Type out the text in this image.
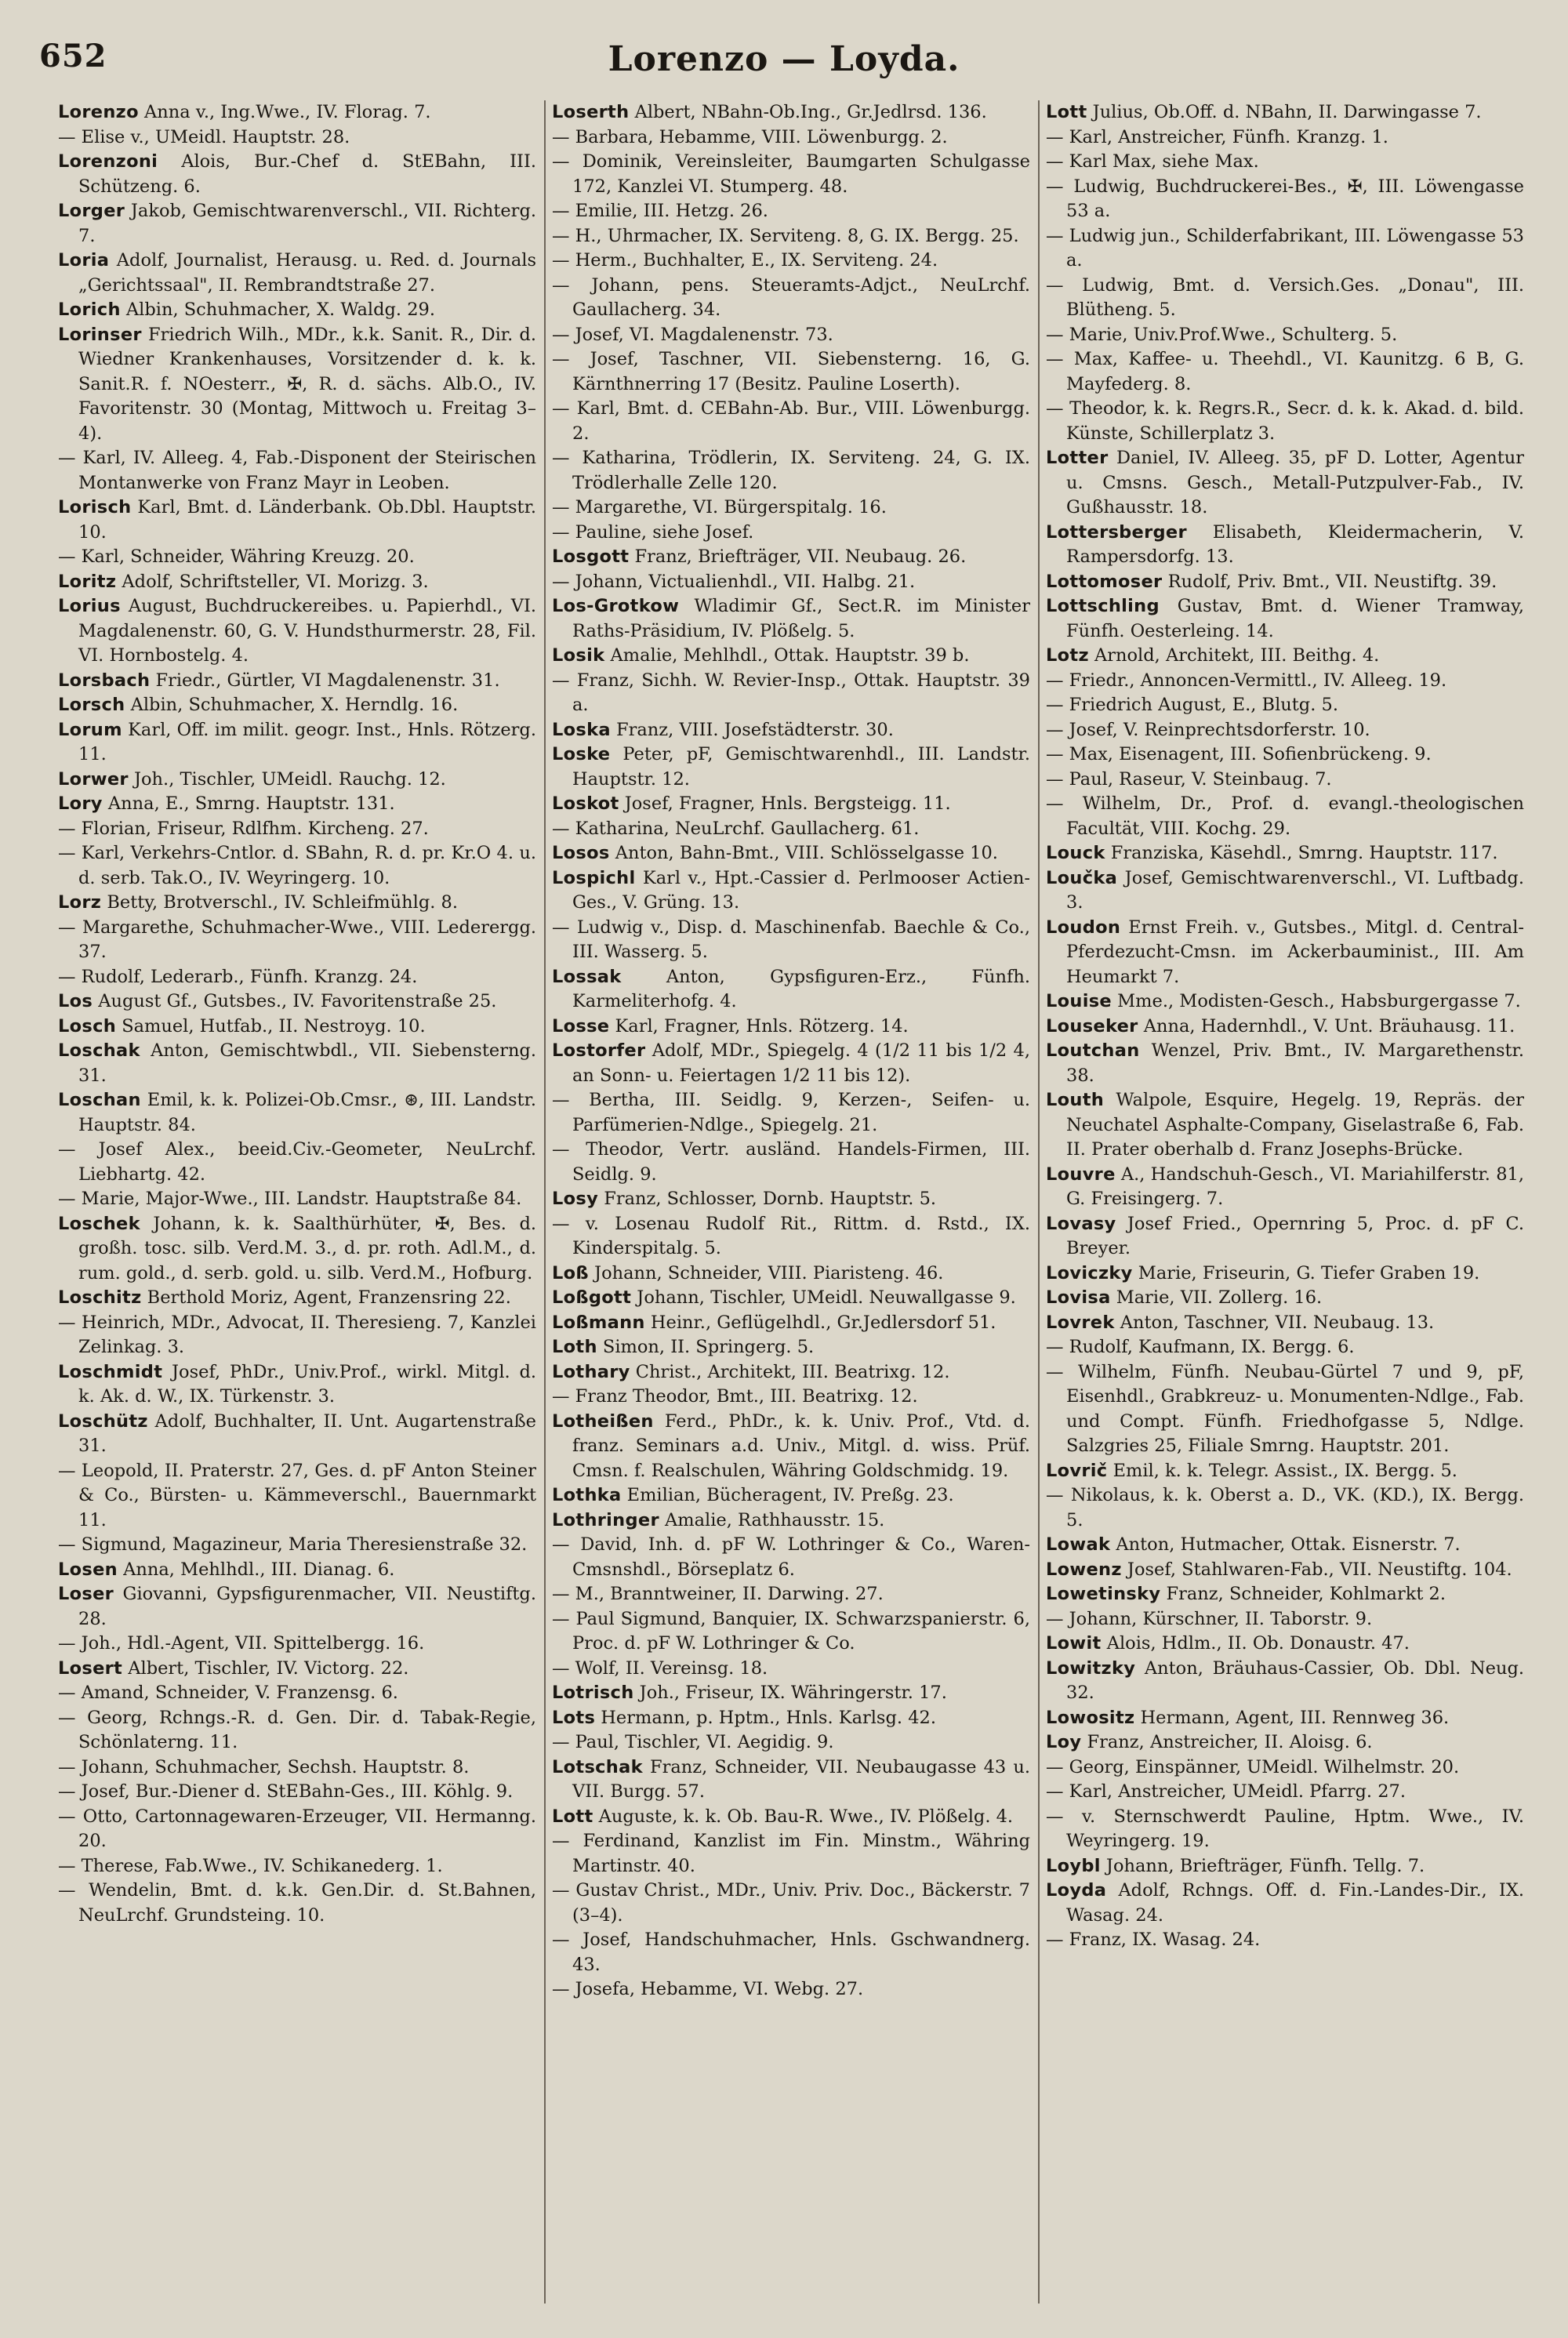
652	Lorenzo — Loyda.

Lorenzo Anna v., Ing.Wwe., IV. Florag. 7.

— Elise v., UMeidl. Hauptstr. 28.

Lorenzoni Alois, Bur.-Chef d. StEBahn, III. Schützeng. 6.

Lorger Jakob, Gemischtwarenverschl., VII. Richterg. 7.

Loria Adolf, Journalist, Herausg. u. Red. d. Journals „Gerichtssaal", II. Rembrandtstraße 27.

Lorich Albin, Schuhmacher, X. Waldg. 29.

Lorinser Friedrich Wilh., MDr., k.k. Sanit. R., Dir. d. Wiedner Krankenhauses, Vorsitzender d. k. k. Sanit.R. f. NOesterr., ✠, R. d. sächs. Alb.O., IV. Favoritenstr. 30 (Montag, Mittwoch u. Freitag 3–4).

— Karl, IV. Alleeg. 4, Fab.-Disponent der Steirischen Montanwerke von Franz Mayr in Leoben.

Lorisch Karl, Bmt. d. Länderbank. Ob.Dbl. Hauptstr. 10.

— Karl, Schneider, Währing Kreuzg. 20.

Loritz Adolf, Schriftsteller, VI. Morizg. 3.

Lorius August, Buchdruckereibes. u. Papierhdl., VI. Magdalenenstr. 60, G. V. Hundsthurmerstr. 28, Fil. VI. Hornbostelg. 4.

Lorsbach Friedr., Gürtler, VI Magdalenenstr. 31.

Lorsch Albin, Schuhmacher, X. Herndlg. 16.

Lorum Karl, Off. im milit. geogr. Inst., Hnls. Rötzerg. 11.

Lorwer Joh., Tischler, UMeidl. Rauchg. 12.

Lory Anna, E., Smrng. Hauptstr. 131.

— Florian, Friseur, Rdlfhm. Kircheng. 27.

— Karl, Verkehrs-Cntlor. d. SBahn, R. d. pr. Kr.O 4. u. d. serb. Tak.O., IV. Weyringerg. 10.

Lorz Betty, Brotverschl., IV. Schleifmühlg. 8.

— Margarethe, Schuhmacher-Wwe., VIII. Lederergg. 37.

— Rudolf, Lederarb., Fünfh. Kranzg. 24.

Los August Gf., Gutsbes., IV. Favoritenstraße 25.

Losch Samuel, Hutfab., II. Nestroyg. 10.

Loschak Anton, Gemischtwbdl., VII. Siebensterng. 31.

Loschan Emil, k. k. Polizei-Ob.Cmsr., ⊛, III. Landstr. Hauptstr. 84.

— Josef Alex., beeid.Civ.-Geometer, NeuLrchf. Liebhartg. 42.

— Marie, Major-Wwe., III. Landstr. Hauptstraße 84.

Loschek Johann, k. k. Saalthürhüter, ✠, Bes. d. großh. tosc. silb. Verd.M. 3., d. pr. roth. Adl.M., d. rum. gold., d. serb. gold. u. silb. Verd.M., Hofburg.

Loschitz Berthold Moriz, Agent, Franzensring 22.

— Heinrich, MDr., Advocat, II. Theresieng. 7, Kanzlei Zelinkag. 3.

Loschmidt Josef, PhDr., Univ.Prof., wirkl. Mitgl. d. k. Ak. d. W., IX. Türkenstr. 3.

Loschütz Adolf, Buchhalter, II. Unt. Augartenstraße 31.

— Leopold, II. Praterstr. 27, Ges. d. pF Anton Steiner & Co., Bürsten- u. Kämmeverschl., Bauernmarkt 11.

— Sigmund, Magazineur, Maria Theresienstraße 32.

Losen Anna, Mehlhdl., III. Dianag. 6.

Loser Giovanni, Gypsfigurenmacher, VII. Neustiftg. 28.

— Joh., Hdl.-Agent, VII. Spittelbergg. 16.

Losert Albert, Tischler, IV. Victorg. 22.

— Amand, Schneider, V. Franzensg. 6.

— Georg, Rchngs.-R. d. Gen. Dir. d. Tabak-Regie, Schönlaterng. 11.

— Johann, Schuhmacher, Sechsh. Hauptstr. 8.

— Josef, Bur.-Diener d. StEBahn-Ges., III. Köhlg. 9.

— Otto, Cartonnagewaren-Erzeuger, VII. Hermanng. 20.

— Therese, Fab.Wwe., IV. Schikanederg. 1.

— Wendelin, Bmt. d. k.k. Gen.Dir. d. St.Bahnen, NeuLrchf. Grundsteing. 10.

Loserth Albert, NBahn-Ob.Ing., Gr.Jedlrsd. 136.

— Barbara, Hebamme, VIII. Löwenburgg. 2.

— Dominik, Vereinsleiter, Baumgarten Schulgasse 172, Kanzlei VI. Stumperg. 48.

— Emilie, III. Hetzg. 26.

— H., Uhrmacher, IX. Serviteng. 8, G. IX. Bergg. 25.

— Herm., Buchhalter, E., IX. Serviteng. 24.

— Johann, pens. Steueramts-Adjct., NeuLrchf. Gaullacherg. 34.

— Josef, VI. Magdalenenstr. 73.

— Josef, Taschner, VII. Siebensterng. 16, G. Kärnthnerring 17 (Besitz. Pauline Loserth).

— Karl, Bmt. d. CEBahn-Ab. Bur., VIII. Löwenburgg. 2.

— Katharina, Trödlerin, IX. Serviteng. 24, G. IX. Trödlerhalle Zelle 120.

— Margarethe, VI. Bürgerspitalg. 16.

— Pauline, siehe Josef.

Losgott Franz, Briefträger, VII. Neubaug. 26.

— Johann, Victualienhdl., VII. Halbg. 21.

Los-Grotkow Wladimir Gf., Sect.R. im Minister Raths-Präsidium, IV. Plößelg. 5.

Losik Amalie, Mehlhdl., Ottak. Hauptstr. 39 b.

— Franz, Sichh. W. Revier-Insp., Ottak. Hauptstr. 39 a.

Loska Franz, VIII. Josefstädterstr. 30.

Loske Peter, pF, Gemischtwarenhdl., III. Landstr. Hauptstr. 12.

Loskot Josef, Fragner, Hnls. Bergsteigg. 11.

— Katharina, NeuLrchf. Gaullacherg. 61.

Losos Anton, Bahn-Bmt., VIII. Schlösselgasse 10.

Lospichl Karl v., Hpt.-Cassier d. Perlmooser Actien-Ges., V. Grüng. 13.

— Ludwig v., Disp. d. Maschinenfab. Baechle & Co., III. Wasserg. 5.

Lossak Anton, Gypsfiguren-Erz., Fünfh. Karmeliterhofg. 4.

Losse Karl, Fragner, Hnls. Rötzerg. 14.

Lostorfer Adolf, MDr., Spiegelg. 4 (1/2 11 bis 1/2 4, an Sonn- u. Feiertagen 1/2 11 bis 12).

— Bertha, III. Seidlg. 9, Kerzen-, Seifen- u. Parfümerien-Ndlge., Spiegelg. 21.

— Theodor, Vertr. ausländ. Handels-Firmen, III. Seidlg. 9.

Losy Franz, Schlosser, Dornb. Hauptstr. 5.

— v. Losenau Rudolf Rit., Rittm. d. Rstd., IX. Kinderspitalg. 5.

Loß Johann, Schneider, VIII. Piaristeng. 46.

Loßgott Johann, Tischler, UMeidl. Neuwallgasse 9.

Loßmann Heinr., Geflügelhdl., Gr.Jedlersdorf 51.

Loth Simon, II. Springerg. 5.

Lothary Christ., Architekt, III. Beatrixg. 12.

— Franz Theodor, Bmt., III. Beatrixg. 12.

Lotheißen Ferd., PhDr., k. k. Univ. Prof., Vtd. d. franz. Seminars a.d. Univ., Mitgl. d. wiss. Prüf. Cmsn. f. Realschulen, Währing Goldschmidg. 19.

Lothka Emilian, Bücheragent, IV. Preßg. 23.

Lothringer Amalie, Rathhausstr. 15.

— David, Inh. d. pF W. Lothringer & Co., Waren-Cmsnshdl., Börseplatz 6.

— M., Branntweiner, II. Darwing. 27.

— Paul Sigmund, Banquier, IX. Schwarzspanierstr. 6, Proc. d. pF W. Lothringer & Co.

— Wolf, II. Vereinsg. 18.

Lotrisch Joh., Friseur, IX. Währingerstr. 17.

Lots Hermann, p. Hptm., Hnls. Karlsg. 42.

— Paul, Tischler, VI. Aegidig. 9.

Lotschak Franz, Schneider, VII. Neubaugasse 43 u. VII. Burgg. 57.

Lott Auguste, k. k. Ob. Bau-R. Wwe., IV. Plößelg. 4.

— Ferdinand, Kanzlist im Fin. Minstm., Währing Martinstr. 40.

— Gustav Christ., MDr., Univ. Priv. Doc., Bäckerstr. 7 (3–4).

— Josef, Handschuhmacher, Hnls. Gschwandnerg. 43.

— Josefa, Hebamme, VI. Webg. 27.

Lott Julius, Ob.Off. d. NBahn, II. Darwingasse 7.

— Karl, Anstreicher, Fünfh. Kranzg. 1.

— Karl Max, siehe Max.

— Ludwig, Buchdruckerei-Bes., ✠, III. Löwengasse 53 a.

— Ludwig jun., Schilderfabrikant, III. Löwengasse 53 a.

— Ludwig, Bmt. d. Versich.Ges. „Donau", III. Blütheng. 5.

— Marie, Univ.Prof.Wwe., Schulterg. 5.

— Max, Kaffee- u. Theehdl., VI. Kaunitzg. 6 B, G. Mayfederg. 8.

— Theodor, k. k. Regrs.R., Secr. d. k. k. Akad. d. bild. Künste, Schillerplatz 3.

Lotter Daniel, IV. Alleeg. 35, pF D. Lotter, Agentur u. Cmsns. Gesch., Metall-Putzpulver-Fab., IV. Gußhausstr. 18.

Lottersberger Elisabeth, Kleidermacherin, V. Rampersdorfg. 13.

Lottomoser Rudolf, Priv. Bmt., VII. Neustiftg. 39.

Lottschling Gustav, Bmt. d. Wiener Tramway, Fünfh. Oesterleing. 14.

Lotz Arnold, Architekt, III. Beithg. 4.

— Friedr., Annoncen-Vermittl., IV. Alleeg. 19.

— Friedrich August, E., Blutg. 5.

— Josef, V. Reinprechtsdorferstr. 10.

— Max, Eisenagent, III. Sofienbrückeng. 9.

— Paul, Raseur, V. Steinbaug. 7.

— Wilhelm, Dr., Prof. d. evangl.-theologischen Facultät, VIII. Kochg. 29.

Louck Franziska, Käsehdl., Smrng. Hauptstr. 117.

Loučka Josef, Gemischtwarenverschl., VI. Luftbadg. 3.

Loudon Ernst Freih. v., Gutsbes., Mitgl. d. Central-Pferdezucht-Cmsn. im Ackerbauminist., III. Am Heumarkt 7.

Louise Mme., Modisten-Gesch., Habsburgergasse 7.

Louseker Anna, Hadernhdl., V. Unt. Bräuhausg. 11.

Loutchan Wenzel, Priv. Bmt., IV. Margarethenstr. 38.

Louth Walpole, Esquire, Hegelg. 19, Repräs. der Neuchatel Asphalte-Company, Giselastraße 6, Fab. II. Prater oberhalb d. Franz Josephs-Brücke.

Louvre A., Handschuh-Gesch., VI. Mariahilferstr. 81, G. Freisingerg. 7.

Lovasy Josef Fried., Opernring 5, Proc. d. pF C. Breyer.

Loviczky Marie, Friseurin, G. Tiefer Graben 19.

Lovisa Marie, VII. Zollerg. 16.

Lovrek Anton, Taschner, VII. Neubaug. 13.

— Rudolf, Kaufmann, IX. Bergg. 6.

— Wilhelm, Fünfh. Neubau-Gürtel 7 und 9, pF, Eisenhdl., Grabkreuz- u. Monumenten-Ndlge., Fab. und Compt. Fünfh. Friedhofgasse 5, Ndlge. Salzgries 25, Filiale Smrng. Hauptstr. 201.

Lovrič Emil, k. k. Telegr. Assist., IX. Bergg. 5.

— Nikolaus, k. k. Oberst a. D., VK. (KD.), IX. Bergg. 5.

Lowak Anton, Hutmacher, Ottak. Eisnerstr. 7.

Lowenz Josef, Stahlwaren-Fab., VII. Neustiftg. 104.

Lowetinsky Franz, Schneider, Kohlmarkt 2.

— Johann, Kürschner, II. Taborstr. 9.

Lowit Alois, Hdlm., II. Ob. Donaustr. 47.

Lowitzky Anton, Bräuhaus-Cassier, Ob. Dbl. Neug. 32.

Lowositz Hermann, Agent, III. Rennweg 36.

Loy Franz, Anstreicher, II. Aloisg. 6.

— Georg, Einspänner, UMeidl. Wilhelmstr. 20.

— Karl, Anstreicher, UMeidl. Pfarrg. 27.

— v. Sternschwerdt Pauline, Hptm. Wwe., IV. Weyringerg. 19.

Loybl Johann, Briefträger, Fünfh. Tellg. 7.

Loyda Adolf, Rchngs. Off. d. Fin.-Landes-Dir., IX. Wasag. 24.

— Franz, IX. Wasag. 24.
